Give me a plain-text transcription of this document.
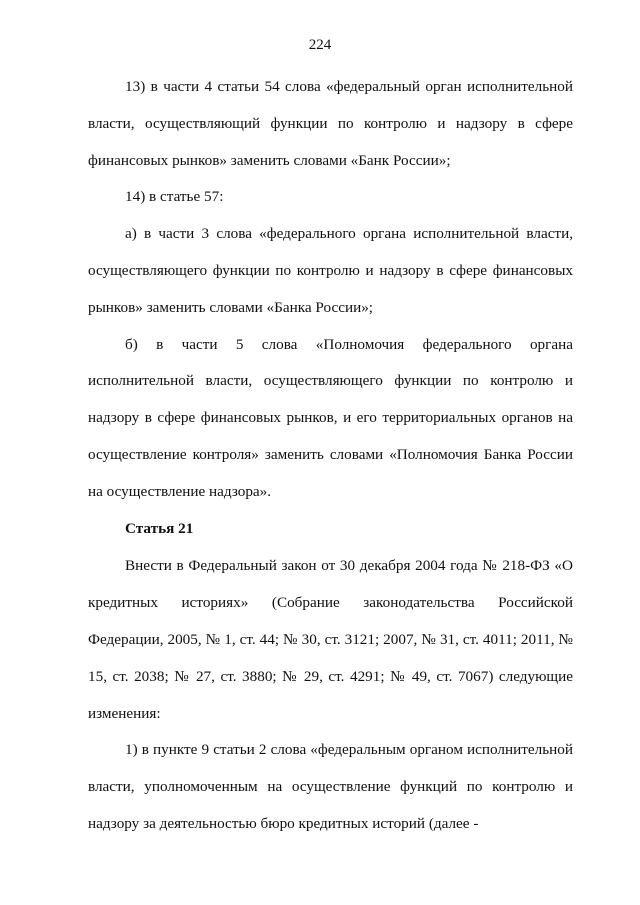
224

13) в части 4 статьи 54 слова «федеральный орган исполнительной власти, осуществляющий функции по контролю и надзору в сфере финансовых рынков» заменить словами «Банк России»;

14) в статье 57:

а) в части 3 слова «федерального органа исполнительной власти, осуществляющего функции по контролю и надзору в сфере финансовых рынков» заменить словами «Банка России»;

б) в части 5 слова «Полномочия федерального органа исполнительной власти, осуществляющего функции по контролю и надзору в сфере финансовых рынков, и его территориальных органов на осуществление контроля» заменить словами «Полномочия Банка России на осуществление надзора».

Статья 21

Внести в Федеральный закон от 30 декабря 2004 года № 218-ФЗ «О кредитных историях» (Собрание законодательства Российской Федерации, 2005, № 1, ст. 44; № 30, ст. 3121; 2007, № 31, ст. 4011; 2011, № 15, ст. 2038; № 27, ст. 3880; № 29, ст. 4291; № 49, ст. 7067) следующие изменения:

1) в пункте 9 статьи 2 слова «федеральным органом исполнительной власти, уполномоченным на осуществление функций по контролю и надзору за деятельностью бюро кредитных историй (далее -
